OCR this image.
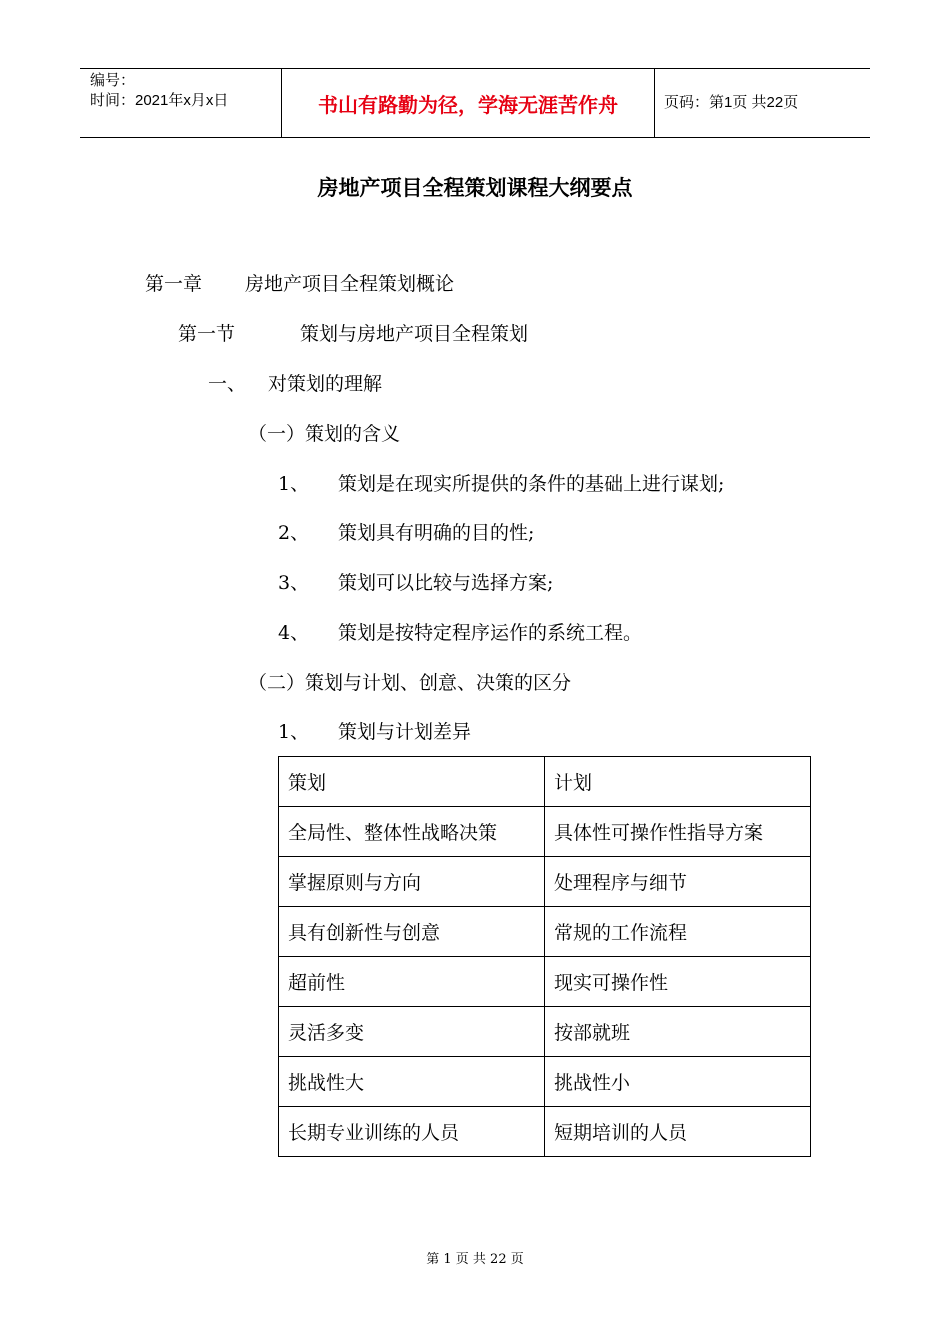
编号：
时间：2021年x月x日	书山有路勤为径，学海无涯苦作舟	页码：第1页 共22页
房地产项目全程策划课程大纲要点
第一章 房地产项目全程策划概论
第一节	策划与房地产项目全程策划
一、 对策划的理解
（一）策划的含义
1、 策划是在现实所提供的条件的基础上进行谋划;
2、 策划具有明确的目的性;
3、 策划可以比较与选择方案;
4、 策划是按特定程序运作的系统工程。
（二）策划与计划、创意、决策的区分
1、 策划与计划差异
策划	计划
全局性、整体性战略决策	具体性可操作性指导方案
掌握原则与方向	处理程序与细节
具有创新性与创意	常规的工作流程
超前性	现实可操作性
灵活多变	按部就班
挑战性大	挑战性小
长期专业训练的人员	短期培训的人员
第 1 页 共 22 页
